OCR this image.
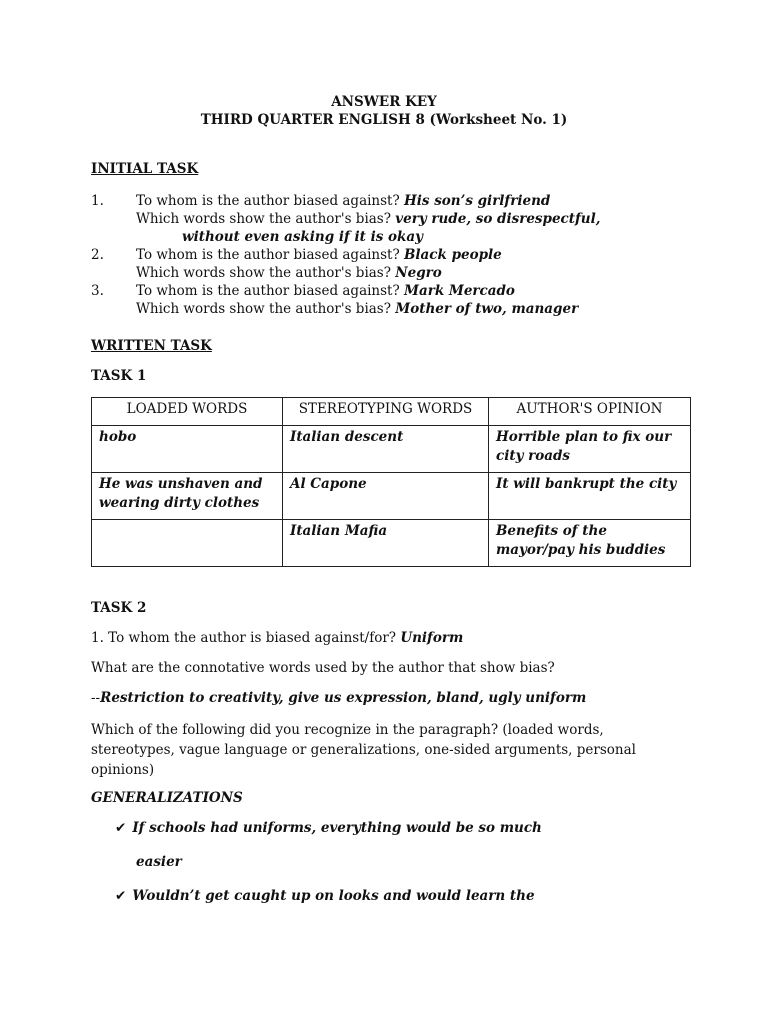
ANSWER KEY
THIRD QUARTER ENGLISH 8 (Worksheet No. 1)
INITIAL TASK
1.	To whom is the author biased against? His son’s girlfriend
Which words show the author's bias? very rude, so disrespectful,
without even asking if it is okay
2.	To whom is the author biased against? Black people
Which words show the author's bias? Negro
3.	To whom is the author biased against? Mark Mercado
Which words show the author's bias? Mother of two, manager
WRITTEN TASK
TASK 1
LOADED WORDS	STEREOTYPING WORDS	AUTHOR'S OPINION
hobo	Italian descent	Horrible plan to fix our city roads
He was unshaven and wearing dirty clothes	Al Capone	It will bankrupt the city
	Italian Mafia	Benefits of the mayor/pay his buddies
TASK 2
1. To whom the author is biased against/for? Uniform
What are the connotative words used by the author that show bias?
--Restriction to creativity, give us expression, bland, ugly uniform
Which of the following did you recognize in the paragraph? (loaded words, stereotypes, vague language or generalizations, one-sided arguments, personal opinions)
GENERALIZATIONS
✔ If schools had uniforms, everything would be so much
easier
✔ Wouldn’t get caught up on looks and would learn the
